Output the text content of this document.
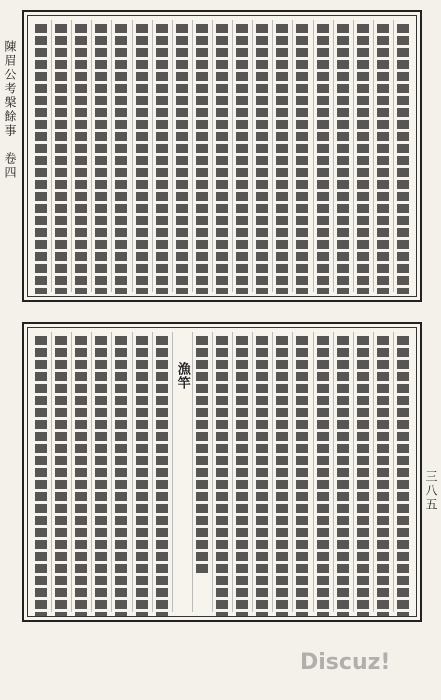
陳眉公考槃餘事　卷四
漁竿
三八五
Discuz!
